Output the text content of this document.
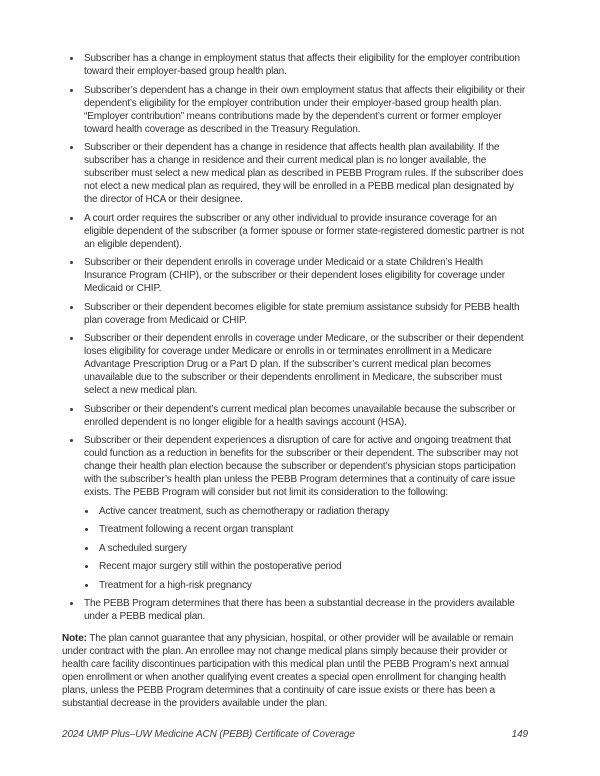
• Subscriber has a change in employment status that affects their eligibility for the employer contribution toward their employer-based group health plan.
• Subscriber’s dependent has a change in their own employment status that affects their eligibility or their dependent’s eligibility for the employer contribution under their employer-based group health plan. “Employer contribution” means contributions made by the dependent’s current or former employer toward health coverage as described in the Treasury Regulation.
• Subscriber or their dependent has a change in residence that affects health plan availability. If the subscriber has a change in residence and their current medical plan is no longer available, the subscriber must select a new medical plan as described in PEBB Program rules. If the subscriber does not elect a new medical plan as required, they will be enrolled in a PEBB medical plan designated by the director of HCA or their designee.
• A court order requires the subscriber or any other individual to provide insurance coverage for an eligible dependent of the subscriber (a former spouse or former state-registered domestic partner is not an eligible dependent).
• Subscriber or their dependent enrolls in coverage under Medicaid or a state Children’s Health Insurance Program (CHIP), or the subscriber or their dependent loses eligibility for coverage under Medicaid or CHIP.
• Subscriber or their dependent becomes eligible for state premium assistance subsidy for PEBB health plan coverage from Medicaid or CHIP.
• Subscriber or their dependent enrolls in coverage under Medicare, or the subscriber or their dependent loses eligibility for coverage under Medicare or enrolls in or terminates enrollment in a Medicare Advantage Prescription Drug or a Part D plan. If the subscriber’s current medical plan becomes unavailable due to the subscriber or their dependents enrollment in Medicare, the subscriber must select a new medical plan.
• Subscriber or their dependent’s current medical plan becomes unavailable because the subscriber or enrolled dependent is no longer eligible for a health savings account (HSA).
• Subscriber or their dependent experiences a disruption of care for active and ongoing treatment that could function as a reduction in benefits for the subscriber or their dependent. The subscriber may not change their health plan election because the subscriber or dependent’s physician stops participation with the subscriber’s health plan unless the PEBB Program determines that a continuity of care issue exists. The PEBB Program will consider but not limit its consideration to the following:
• Active cancer treatment, such as chemotherapy or radiation therapy
• Treatment following a recent organ transplant
• A scheduled surgery
• Recent major surgery still within the postoperative period
• Treatment for a high-risk pregnancy
• The PEBB Program determines that there has been a substantial decrease in the providers available under a PEBB medical plan.

Note: The plan cannot guarantee that any physician, hospital, or other provider will be available or remain under contract with the plan. An enrollee may not change medical plans simply because their provider or health care facility discontinues participation with this medical plan until the PEBB Program’s next annual open enrollment or when another qualifying event creates a special open enrollment for changing health plans, unless the PEBB Program determines that a continuity of care issue exists or there has been a substantial decrease in the providers available under the plan.

2024 UMP Plus–UW Medicine ACN (PEBB) Certificate of Coverage	149
